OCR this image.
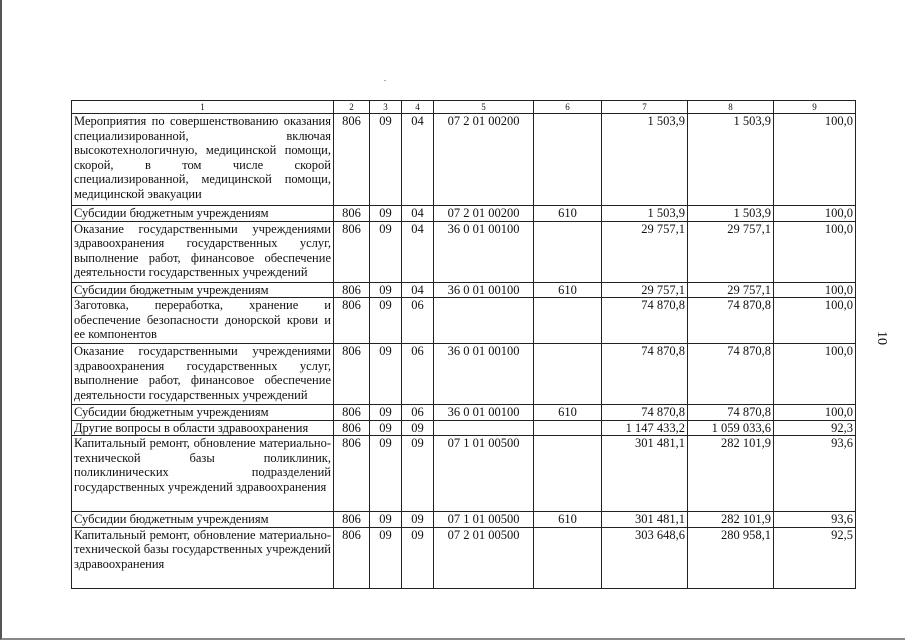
1	2	3	4	5	6	7	8	9
Мероприятия по совершенствованию оказания специализированной, включая высокотехнологичную, медицинской помощи, скорой, в том числе скорой специализированной, медицинской помощи, медицинской эвакуации	806	09	04	07 2 01 00200		1 503,9	1 503,9	100,0
Субсидии бюджетным учреждениям	806	09	04	07 2 01 00200	610	1 503,9	1 503,9	100,0
Оказание государственными учреждениями здравоохранения государственных услуг, выполнение работ, финансовое обеспечение деятельности государственных учреждений	806	09	04	36 0 01 00100		29 757,1	29 757,1	100,0
Субсидии бюджетным учреждениям	806	09	04	36 0 01 00100	610	29 757,1	29 757,1	100,0
Заготовка, переработка, хранение и обеспечение безопасности донорской крови и ее компонентов	806	09	06			74 870,8	74 870,8	100,0
Оказание государственными учреждениями здравоохранения государственных услуг, выполнение работ, финансовое обеспечение деятельности государственных учреждений	806	09	06	36 0 01 00100		74 870,8	74 870,8	100,0
Субсидии бюджетным учреждениям	806	09	06	36 0 01 00100	610	74 870,8	74 870,8	100,0
Другие вопросы в области здравоохранения	806	09	09			1 147 433,2	1 059 033,6	92,3
Капитальный ремонт, обновление материально-технической базы поликлиник, поликлинических подразделений государственных учреждений здравоохранения	806	09	09	07 1 01 00500		301 481,1	282 101,9	93,6
Субсидии бюджетным учреждениям	806	09	09	07 1 01 00500	610	301 481,1	282 101,9	93,6
Капитальный ремонт, обновление материально-технической базы государственных учреждений здравоохранения	806	09	09	07 2 01 00500		303 648,6	280 958,1	92,5
10
